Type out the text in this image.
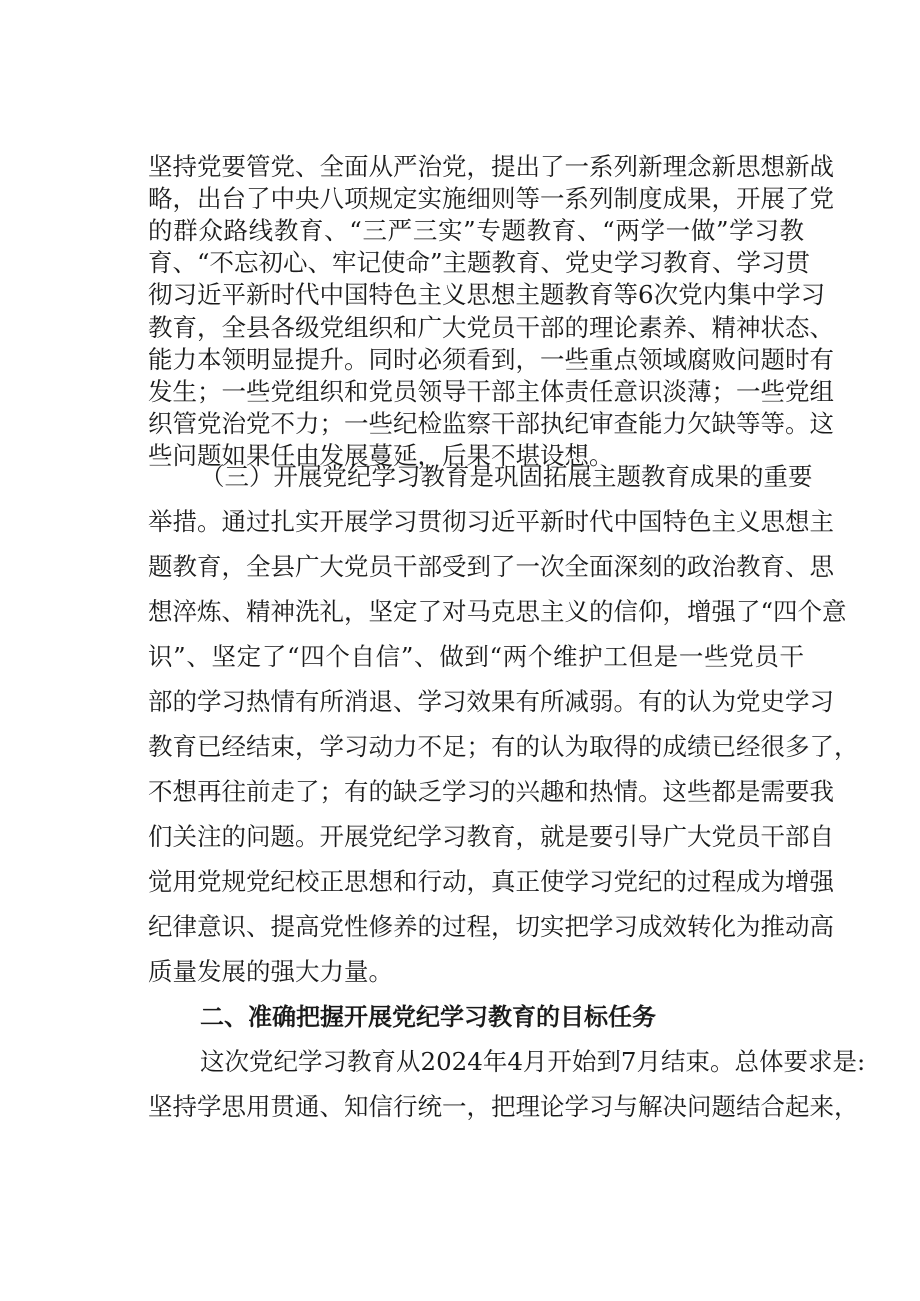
坚持党要管党、全面从严治党，提出了一系列新理念新思想新战
略，出台了中央八项规定实施细则等一系列制度成果，开展了党
的群众路线教育、“三严三实”专题教育、“两学一做”学习教
育、“不忘初心、牢记使命”主题教育、党史学习教育、学习贯
彻习近平新时代中国特色主义思想主题教育等6次党内集中学习
教育，全县各级党组织和广大党员干部的理论素养、精神状态、
能力本领明显提升。同时必须看到，一些重点领域腐败问题时有
发生；一些党组织和党员领导干部主体责任意识淡薄；一些党组
织管党治党不力；一些纪检监察干部执纪审查能力欠缺等等。这
些问题如果任由发展蔓延，后果不堪设想。
（三）开展党纪学习教育是巩固拓展主题教育成果的重要
举措。通过扎实开展学习贯彻习近平新时代中国特色主义思想主
题教育，全县广大党员干部受到了一次全面深刻的政治教育、思
想淬炼、精神洗礼，坚定了对马克思主义的信仰，增强了“四个意
识”、坚定了“四个自信”、做到“两个维护工但是一些党员干
部的学习热情有所消退、学习效果有所减弱。有的认为党史学习
教育已经结束，学习动力不足；有的认为取得的成绩已经很多了，
不想再往前走了；有的缺乏学习的兴趣和热情。这些都是需要我
们关注的问题。开展党纪学习教育，就是要引导广大党员干部自
觉用党规党纪校正思想和行动，真正使学习党纪的过程成为增强
纪律意识、提高党性修养的过程，切实把学习成效转化为推动高
质量发展的强大力量。
二、准确把握开展党纪学习教育的目标任务
这次党纪学习教育从2024年4月开始到7月结束。总体要求是:
坚持学思用贯通、知信行统一，把理论学习与解决问题结合起来，
